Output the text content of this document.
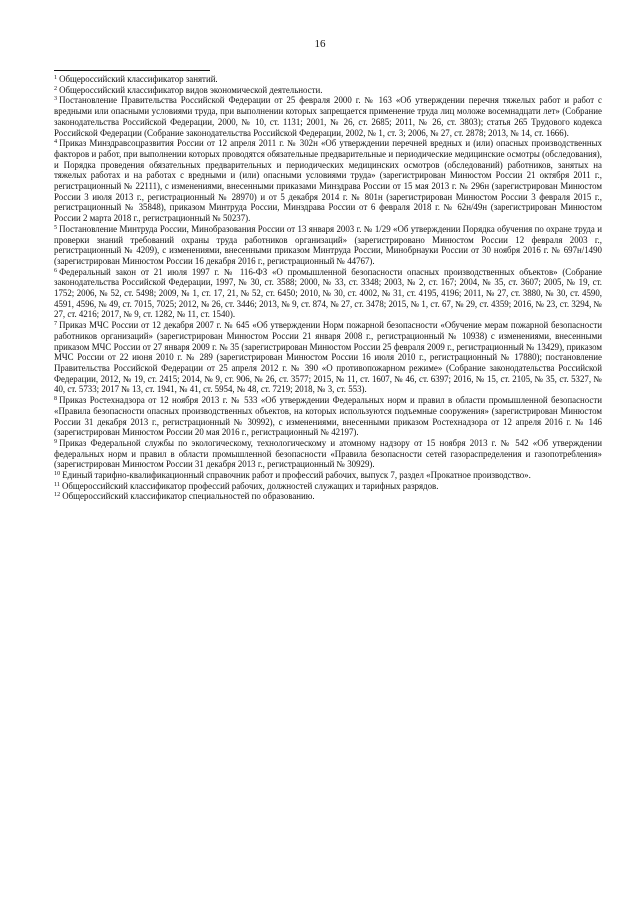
16

$^1$ Общероссийский классификатор занятий.

$^2$ Общероссийский классификатор видов экономической деятельности.

$^3$ Постановление Правительства Российской Федерации от 25 февраля 2000 г. № 163 «Об утверждении перечня тяжелых работ и работ с вредными или опасными условиями труда, при выполнении которых запрещается применение труда лиц моложе восемнадцати лет» (Собрание законодательства Российской Федерации, 2000, № 10, ст. 1131; 2001, № 26, ст. 2685; 2011, № 26, ст. 3803); статья 265 Трудового кодекса Российской Федерации (Собрание законодательства Российской Федерации, 2002, № 1, ст. 3; 2006, № 27, ст. 2878; 2013, № 14, ст. 1666).

$^4$ Приказ Минздравсоцразвития России от 12 апреля 2011 г. № 302н «Об утверждении перечней вредных и (или) опасных производственных факторов и работ, при выполнении которых проводятся обязательные предварительные и периодические медицинские осмотры (обследования), и Порядка проведения обязательных предварительных и периодических медицинских осмотров (обследований) работников, занятых на тяжелых работах и на работах с вредными и (или) опасными условиями труда» (зарегистрирован Минюстом России 21 октября 2011 г., регистрационный № 22111), с изменениями, внесенными приказами Минздрава России от 15 мая 2013 г. № 296н (зарегистрирован Минюстом России 3 июля 2013 г., регистрационный № 28970) и от 5 декабря 2014 г. № 801н (зарегистрирован Минюстом России 3 февраля 2015 г., регистрационный № 35848), приказом Минтруда России, Минздрава России от 6 февраля 2018 г. № 62н/49н (зарегистрирован Минюстом России 2 марта 2018 г., регистрационный № 50237).

$^5$ Постановление Минтруда России, Минобразования России от 13 января 2003 г. № 1/29 «Об утверждении Порядка обучения по охране труда и проверки знаний требований охраны труда работников организаций» (зарегистрировано Минюстом России 12 февраля 2003 г., регистрационный № 4209), с изменениями, внесенными приказом Минтруда России, Минобрнауки России от 30 ноября 2016 г. № 697н/1490 (зарегистрирован Минюстом России 16 декабря 2016 г., регистрационный № 44767).

$^6$ Федеральный закон от 21 июля 1997 г. № 116-ФЗ «О промышленной безопасности опасных производственных объектов» (Собрание законодательства Российской Федерации, 1997, № 30, ст. 3588; 2000, № 33, ст. 3348; 2003, № 2, ст. 167; 2004, № 35, ст. 3607; 2005, № 19, ст. 1752; 2006, № 52, ст. 5498; 2009, № 1, ст. 17, 21, № 52, ст. 6450; 2010, № 30, ст. 4002, № 31, ст. 4195, 4196; 2011, № 27, ст. 3880, № 30, ст. 4590, 4591, 4596, № 49, ст. 7015, 7025; 2012, № 26, ст. 3446; 2013, № 9, ст. 874, № 27, ст. 3478; 2015, № 1, ст. 67, № 29, ст. 4359; 2016, № 23, ст. 3294, № 27, ст. 4216; 2017, № 9, ст. 1282, № 11, ст. 1540).

$^7$ Приказ МЧС России от 12 декабря 2007 г. № 645 «Об утверждении Норм пожарной безопасности «Обучение мерам пожарной безопасности работников организаций» (зарегистрирован Минюстом России 21 января 2008 г., регистрационный № 10938) с изменениями, внесенными приказом МЧС России от 27 января 2009 г. № 35 (зарегистрирован Минюстом России 25 февраля 2009 г., регистрационный № 13429), приказом МЧС России от 22 июня 2010 г. № 289 (зарегистрирован Минюстом России 16 июля 2010 г., регистрационный № 17880); постановление Правительства Российской Федерации от 25 апреля 2012 г. № 390 «О противопожарном режиме» (Собрание законодательства Российской Федерации, 2012, № 19, ст. 2415; 2014, № 9, ст. 906, № 26, ст. 3577; 2015, № 11, ст. 1607, № 46, ст. 6397; 2016, № 15, ст. 2105, № 35, ст. 5327, № 40, ст. 5733; 2017 № 13, ст. 1941, № 41, ст. 5954, № 48, ст. 7219; 2018, № 3, ст. 553).

$^8$ Приказ Ростехнадзора от 12 ноября 2013 г. № 533 «Об утверждении Федеральных норм и правил в области промышленной безопасности «Правила безопасности опасных производственных объектов, на которых используются подъемные сооружения» (зарегистрирован Минюстом России 31 декабря 2013 г., регистрационный № 30992), с изменениями, внесенными приказом Ростехнадзора от 12 апреля 2016 г. № 146 (зарегистрирован Минюстом России 20 мая 2016 г., регистрационный № 42197).

$^9$ Приказ Федеральной службы по экологическому, технологическому и атомному надзору от 15 ноября 2013 г. № 542 «Об утверждении федеральных норм и правил в области промышленной безопасности «Правила безопасности сетей газораспределения и газопотребления» (зарегистрирован Минюстом России 31 декабря 2013 г., регистрационный № 30929).

$^{10}$ Единый тарифно-квалификационный справочник работ и профессий рабочих, выпуск 7, раздел «Прокатное производство».

$^{11}$ Общероссийский классификатор профессий рабочих, должностей служащих и тарифных разрядов.

$^{12}$ Общероссийский классификатор специальностей по образованию.
